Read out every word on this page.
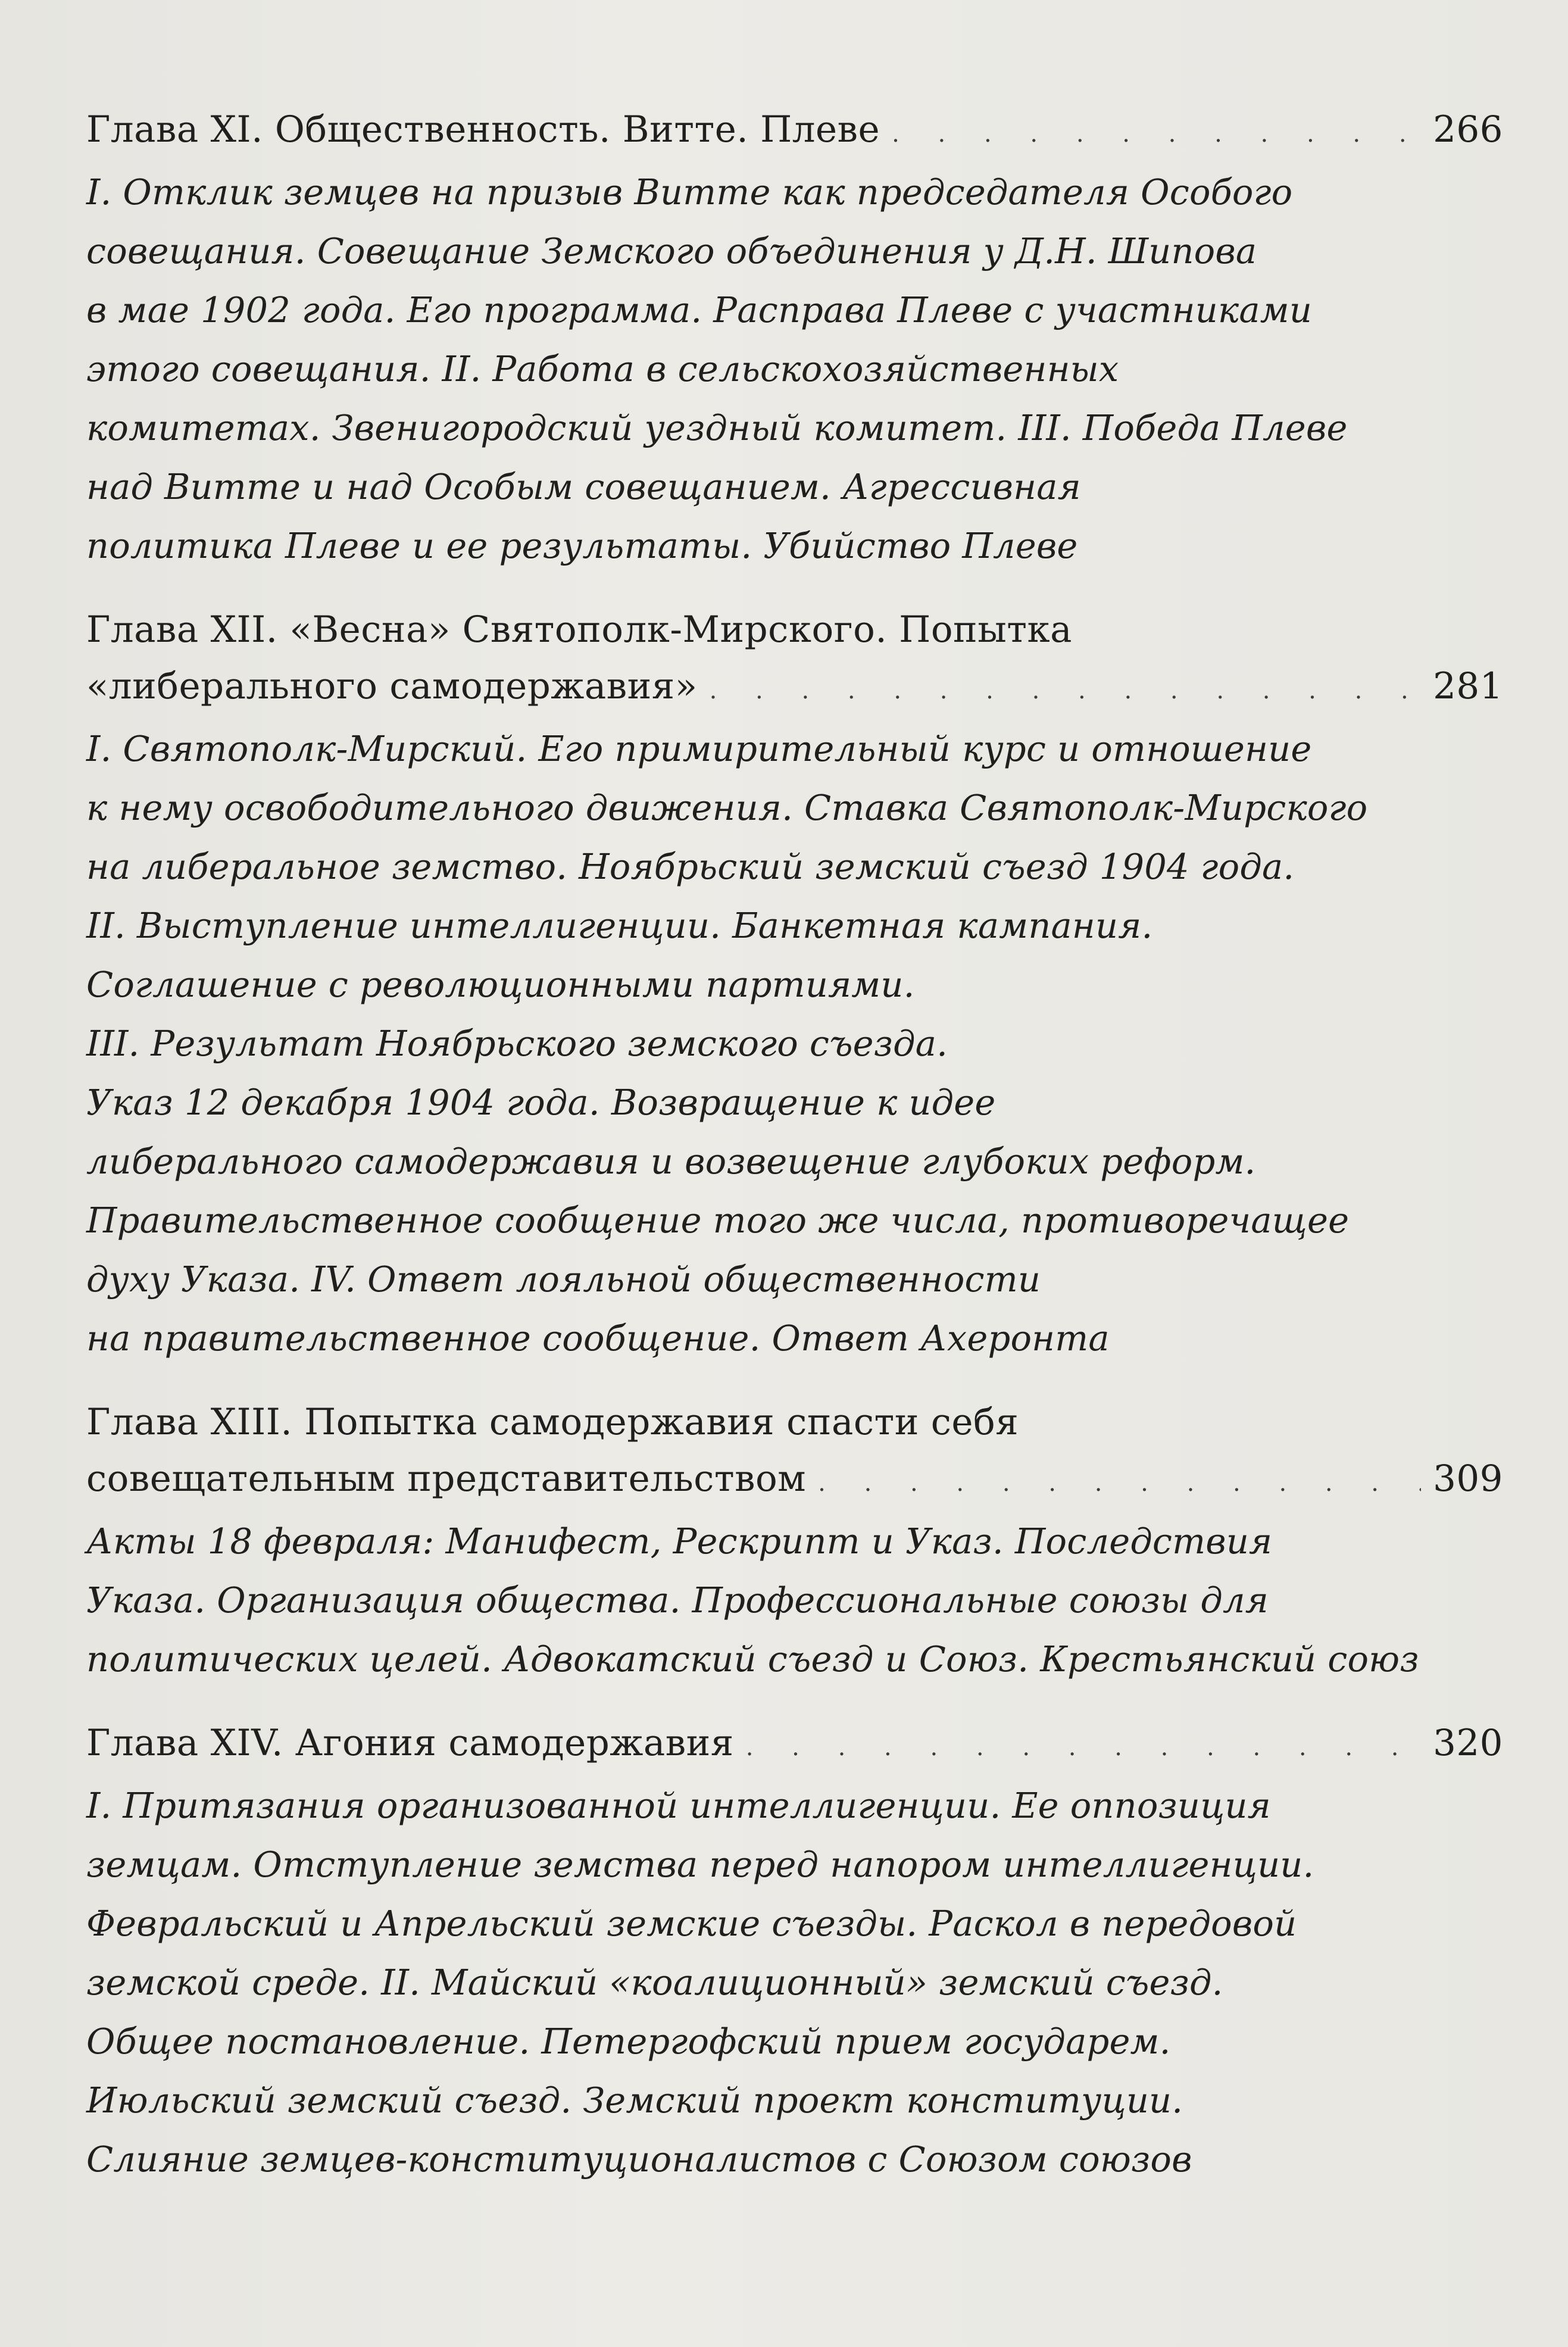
Глава XI. Общественность. Витте. Плеве . . .	266
I. Отклик земцев на призыв Витте как председателя Особого
совещания. Совещание Земского объединения у Д.Н. Шипова
в мае 1902 года. Его программа. Расправа Плеве с участниками
этого совещания. II. Работа в сельскохозяйственных
комитетах. Звенигородский уездный комитет. III. Победа Плеве
над Витте и над Особым совещанием. Агрессивная
политика Плеве и ее результаты. Убийство Плеве
Глава XII. «Весна» Святополк-Мирского. Попытка
«либерального самодержавия» . . .	281
I. Святополк-Мирский. Его примирительный курс и отношение
к нему освободительного движения. Ставка Святополк-Мирского
на либеральное земство. Ноябрьский земский съезд 1904 года.
II. Выступление интеллигенции. Банкетная кампания.
Соглашение с революционными партиями.
III. Результат Ноябрьского земского съезда.
Указ 12 декабря 1904 года. Возвращение к идее
либерального самодержавия и возвещение глубоких реформ.
Правительственное сообщение того же числа, противоречащее
духу Указа. IV. Ответ лояльной общественности
на правительственное сообщение. Ответ Ахеронта
Глава XIII. Попытка самодержавия спасти себя
совещательным представительством . . .	309
Акты 18 февраля: Манифест, Рескрипт и Указ. Последствия
Указа. Организация общества. Профессиональные союзы для
политических целей. Адвокатский съезд и Союз. Крестьянский союз
Глава XIV. Агония самодержавия . . .	320
I. Притязания организованной интеллигенции. Ее оппозиция
земцам. Отступление земства перед напором интеллигенции.
Февральский и Апрельский земские съезды. Раскол в передовой
земской среде. II. Майский «коалиционный» земский съезд.
Общее постановление. Петергофский прием государем.
Июльский земский съезд. Земский проект конституции.
Слияние земцев-конституционалистов с Союзом союзов
